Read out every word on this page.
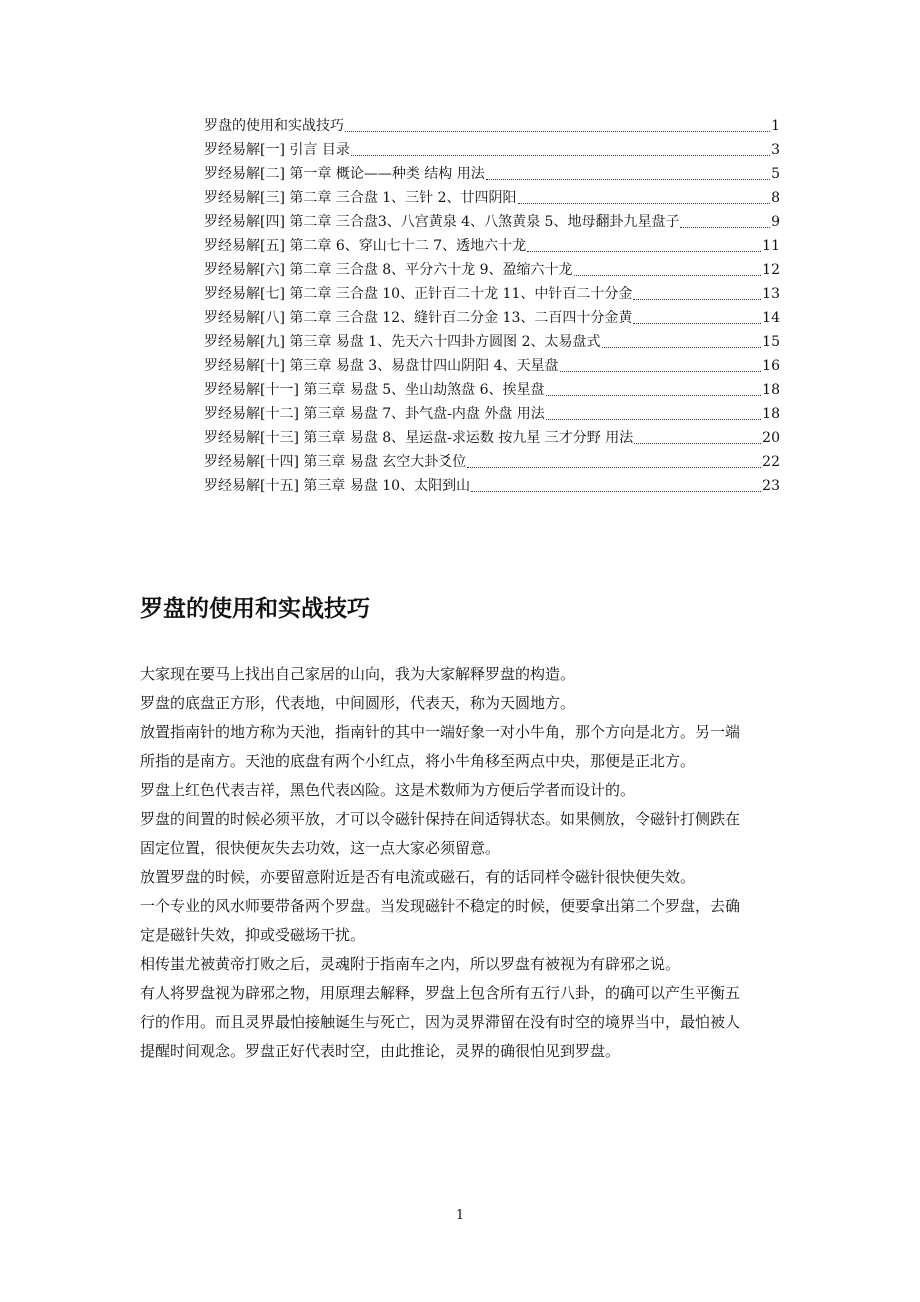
罗盘的使用和实战技巧	1
罗经易解[一] 引言 目录	3
罗经易解[二] 第一章 概论——种类 结构 用法	5
罗经易解[三] 第二章 三合盘 1、三针 2、廿四阴阳	8
罗经易解[四] 第二章 三合盘3、八宫黄泉 4、八煞黄泉 5、地母翻卦九星盘子	9
罗经易解[五] 第二章 6、穿山七十二 7、透地六十龙	11
罗经易解[六] 第二章 三合盘 8、平分六十龙 9、盈缩六十龙	12
罗经易解[七] 第二章 三合盘 10、正针百二十龙 11、中针百二十分金	13
罗经易解[八] 第二章 三合盘 12、缝针百二分金 13、二百四十分金黄	14
罗经易解[九] 第三章 易盘 1、先天六十四卦方圆图 2、太易盘式	15
罗经易解[十] 第三章 易盘 3、易盘廿四山阴阳 4、天星盘	16
罗经易解[十一] 第三章 易盘 5、坐山劫煞盘 6、挨星盘	18
罗经易解[十二] 第三章 易盘 7、卦气盘-内盘 外盘 用法	18
罗经易解[十三] 第三章 易盘 8、星运盘-求运数 按九星 三才分野 用法	20
罗经易解[十四] 第三章 易盘 玄空大卦爻位	22
罗经易解[十五] 第三章 易盘 10、太阳到山	23
罗盘的使用和实战技巧
大家现在要马上找出自己家居的山向，我为大家解释罗盘的构造。
罗盘的底盘正方形，代表地，中间圆形，代表天，称为天圆地方。
放置指南针的地方称为天池，指南针的其中一端好象一对小牛角，那个方向是北方。另一端
所指的是南方。天池的底盘有两个小红点，将小牛角移至两点中央，那便是正北方。
罗盘上红色代表吉祥，黑色代表凶险。这是术数师为方便后学者而设计的。
罗盘的间置的时候必须平放，才可以令磁针保持在间适锝状态。如果侧放，令磁针打侧跌在
固定位置，很快便灰失去功效，这一点大家必须留意。
放置罗盘的时候，亦要留意附近是否有电流或磁石，有的话同样令磁针很快便失效。
一个专业的风水师要带备两个罗盘。当发现磁针不稳定的时候，便要拿出第二个罗盘，去确
定是磁针失效，抑或受磁场干扰。
相传蚩尤被黄帝打败之后，灵魂附于指南车之内，所以罗盘有被视为有辟邪之说。
有人将罗盘视为辟邪之物，用原理去解释，罗盘上包含所有五行八卦，的确可以产生平衡五
行的作用。而且灵界最怕接触诞生与死亡，因为灵界滞留在没有时空的境界当中，最怕被人
提醒时间观念。罗盘正好代表时空，由此推论，灵界的确很怕见到罗盘。
1
